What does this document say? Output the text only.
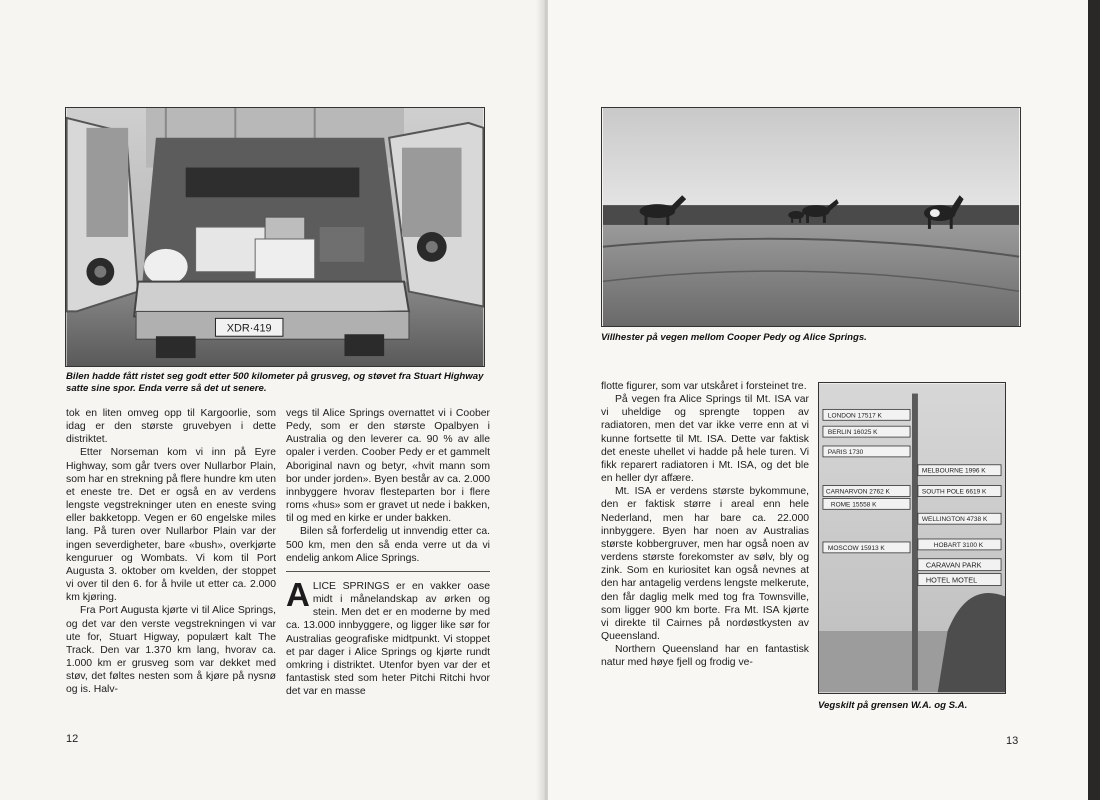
XDR·419
Bilen hadde fått ristet seg godt etter 500 kilometer på grusveg, og støvet fra Stuart Highway satte sine spor. Enda verre så det ut senere.

tok en liten omveg opp til Kargoorlie, som idag er den største gruvebyen i dette distriktet.

Etter Norseman kom vi inn på Eyre Highway, som går tvers over Nullarbor Plain, som har en strekning på flere hundre km uten et eneste tre. Det er også en av verdens lengste vegstrekninger uten en eneste sving eller bakketopp. Vegen er 60 engelske miles lang. På turen over Nullarbor Plain var der ingen severdigheter, bare «bush», overkjørte kenguruer og Wombats. Vi kom til Port Augusta 3. oktober om kvelden, der stoppet vi over til den 6. for å hvile ut etter ca. 2.000 km kjøring.

Fra Port Augusta kjørte vi til Alice Springs, og det var den verste vegstrekningen vi var ute for, Stuart Higway, populært kalt The Track. Den var 1.370 km lang, hvorav ca. 1.000 km er grusveg som var dekket med støv, det føltes nesten som å kjøre på nysnø og is. Halv-

vegs til Alice Springs overnattet vi i Coober Pedy, som er den største Opalbyen i Australia og den leverer ca. 90 % av alle opaler i verden. Coober Pedy er et gammelt Aboriginal navn og betyr, «hvit mann som bor under jorden». Byen består av ca. 2.000 innbyggere hvorav flesteparten bor i flere roms «hus» som er gravet ut nede i bakken, til og med en kirke er under bakken.

Bilen så forferdelig ut innvendig etter ca. 500 km, men den så enda verre ut da vi endelig ankom Alice Springs.

ALICE SPRINGS er en vakker oase midt i månelandskap av ørken og stein. Men det er en moderne by med ca. 13.000 innbyggere, og ligger like sør for Australias geografiske midtpunkt. Vi stoppet et par dager i Alice Springs og kjørte rundt omkring i distriktet. Utenfor byen var der et fantastisk sted som heter Pitchi Ritchi hvor det var en masse

12
Villhester på vegen mellom Cooper Pedy og Alice Springs.

flotte figurer, som var utskåret i forsteinet tre.

På vegen fra Alice Springs til Mt. ISA var vi uheldige og sprengte toppen av radiatoren, men det var ikke verre enn at vi kunne fortsette til Mt. ISA. Dette var faktisk det eneste uhellet vi hadde på hele turen. Vi fikk reparert radiatoren i Mt. ISA, og det ble en heller dyr affære.

Mt. ISA er verdens største bykommune, den er faktisk større i areal enn hele Nederland, men har bare ca. 22.000 innbyggere. Byen har noen av Australias største kobbergruver, men har også noen av verdens største forekomster av sølv, bly og zink. Som en kuriositet kan også nevnes at den har antagelig verdens lengste melkerute, den får daglig melk med tog fra Townsville, som ligger 900 km borte. Fra Mt. ISA kjørte vi direkte til Cairnes på nordøstkysten av Queensland.

Northern Queensland har en fantastisk natur med høye fjell og frodig ve-

LONDON 17517 K
BERLIN 16025 K
PARIS 1730
MELBOURNE 1996 K
CARNARVON 2762 K	SOUTH POLE 6619 K
ROME 15558 K
WELLINGTON 4738 K
MOSCOW 15913 K	HOBART 3100 K
CARAVAN PARK
HOTEL MOTEL
Vegskilt på grensen W.A. og S.A.
13
